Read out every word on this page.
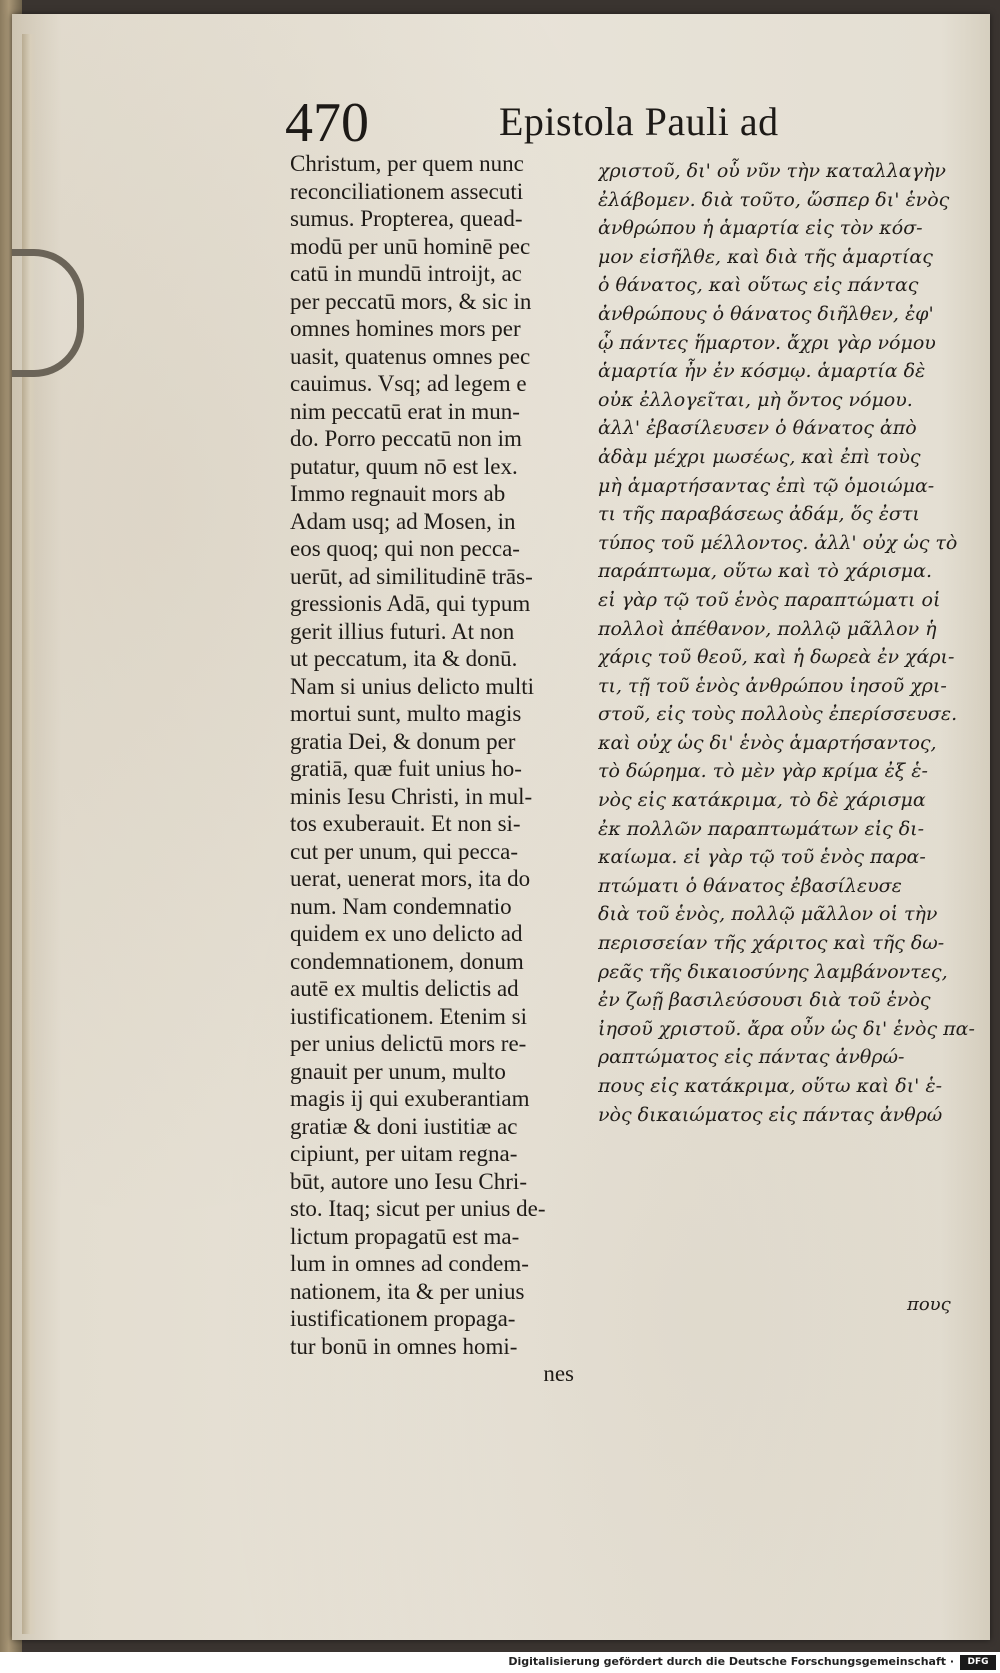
470	Epistola Pauli ad
Christum, per quem nunc
reconciliationem assecuti
sumus. Propterea, quead-
modū per unū hominē pec
catū in mundū introijt, ac
per peccatū mors, & sic in
omnes homines mors per
uasit, quatenus omnes pec
cauimus. Vsq; ad legem e
nim peccatū erat in mun-
do. Porro peccatū non im
putatur, quum nō est lex.
Immo regnauit mors ab
Adam usq; ad Mosen, in
eos quoq; qui non pecca-
uerūt, ad similitudinē trās-
gressionis Adā, qui typum
gerit illius futuri. At non
ut peccatum, ita & donū.
Nam si unius delicto multi
mortui sunt, multo magis
gratia Dei, & donum per
gratiā, quæ fuit unius ho-
minis Iesu Christi, in mul-
tos exuberauit. Et non si-
cut per unum, qui pecca-
uerat, uenerat mors, ita do
num. Nam condemnatio
quidem ex uno delicto ad
condemnationem, donum
autē ex multis delictis ad
iustificationem. Etenim si
per unius delictū mors re-
gnauit per unum, multo
magis ij qui exuberantiam
gratiæ & doni iustitiæ ac
cipiunt, per uitam regna-
būt, autore uno Iesu Chri-
sto. Itaq; sicut per unius de-
lictum propagatū est ma-
lum in omnes ad condem-
nationem, ita & per unius
iustificationem propaga-
tur bonū in omnes homi-
nes
χριστοῦ, δι' οὗ νῦν τὴν καταλλαγὴν
ἐλάβομεν. διὰ τοῦτο, ὥσπερ δι' ἑνὸς
ἀνθρώπου ἡ ἁμαρτία εἰς τὸν κόσ-
μον εἰσῆλθε, καὶ διὰ τῆς ἁμαρτίας
ὁ θάνατος, καὶ οὕτως εἰς πάντας
ἀνθρώπους ὁ θάνατος διῆλθεν, ἐφ'
ᾧ πάντες ἥμαρτον. ἄχρι γὰρ νόμου
ἁμαρτία ἦν ἐν κόσμῳ. ἁμαρτία δὲ
οὐκ ἐλλογεῖται, μὴ ὄντος νόμου.
ἀλλ' ἐβασίλευσεν ὁ θάνατος ἀπὸ
ἀδὰμ μέχρι μωσέως, καὶ ἐπὶ τοὺς
μὴ ἁμαρτήσαντας ἐπὶ τῷ ὁμοιώμα-
τι τῆς παραβάσεως ἀδάμ, ὅς ἐστι
τύπος τοῦ μέλλοντος. ἀλλ' οὐχ ὡς τὸ
παράπτωμα, οὕτω καὶ τὸ χάρισμα.
εἰ γὰρ τῷ τοῦ ἑνὸς παραπτώματι οἱ
πολλοὶ ἀπέθανον, πολλῷ μᾶλλον ἡ
χάρις τοῦ θεοῦ, καὶ ἡ δωρεὰ ἐν χάρι-
τι, τῇ τοῦ ἑνὸς ἀνθρώπου ἰησοῦ χρι-
στοῦ, εἰς τοὺς πολλοὺς ἐπερίσσευσε.
καὶ οὐχ ὡς δι' ἑνὸς ἁμαρτήσαντος,
τὸ δώρημα. τὸ μὲν γὰρ κρίμα ἐξ ἑ-
νὸς εἰς κατάκριμα, τὸ δὲ χάρισμα
ἐκ πολλῶν παραπτωμάτων εἰς δι-
καίωμα. εἰ γὰρ τῷ τοῦ ἑνὸς παρα-
πτώματι ὁ θάνατος ἐβασίλευσε
διὰ τοῦ ἑνὸς, πολλῷ μᾶλλον οἱ τὴν
περισσείαν τῆς χάριτος καὶ τῆς δω-
ρεᾶς τῆς δικαιοσύνης λαμβάνοντες,
ἐν ζωῇ βασιλεύσουσι διὰ τοῦ ἑνὸς
ἰησοῦ χριστοῦ. ἄρα οὖν ὡς δι' ἑνὸς πα-
ραπτώματος εἰς πάντας ἀνθρώ-
πους εἰς κατάκριμα, οὕτω καὶ δι' ἑ-
νὸς δικαιώματος εἰς πάντας ἀνθρώ
πους
Digitalisierung gefördert durch die Deutsche Forschungsgemeinschaft ·	DFG
